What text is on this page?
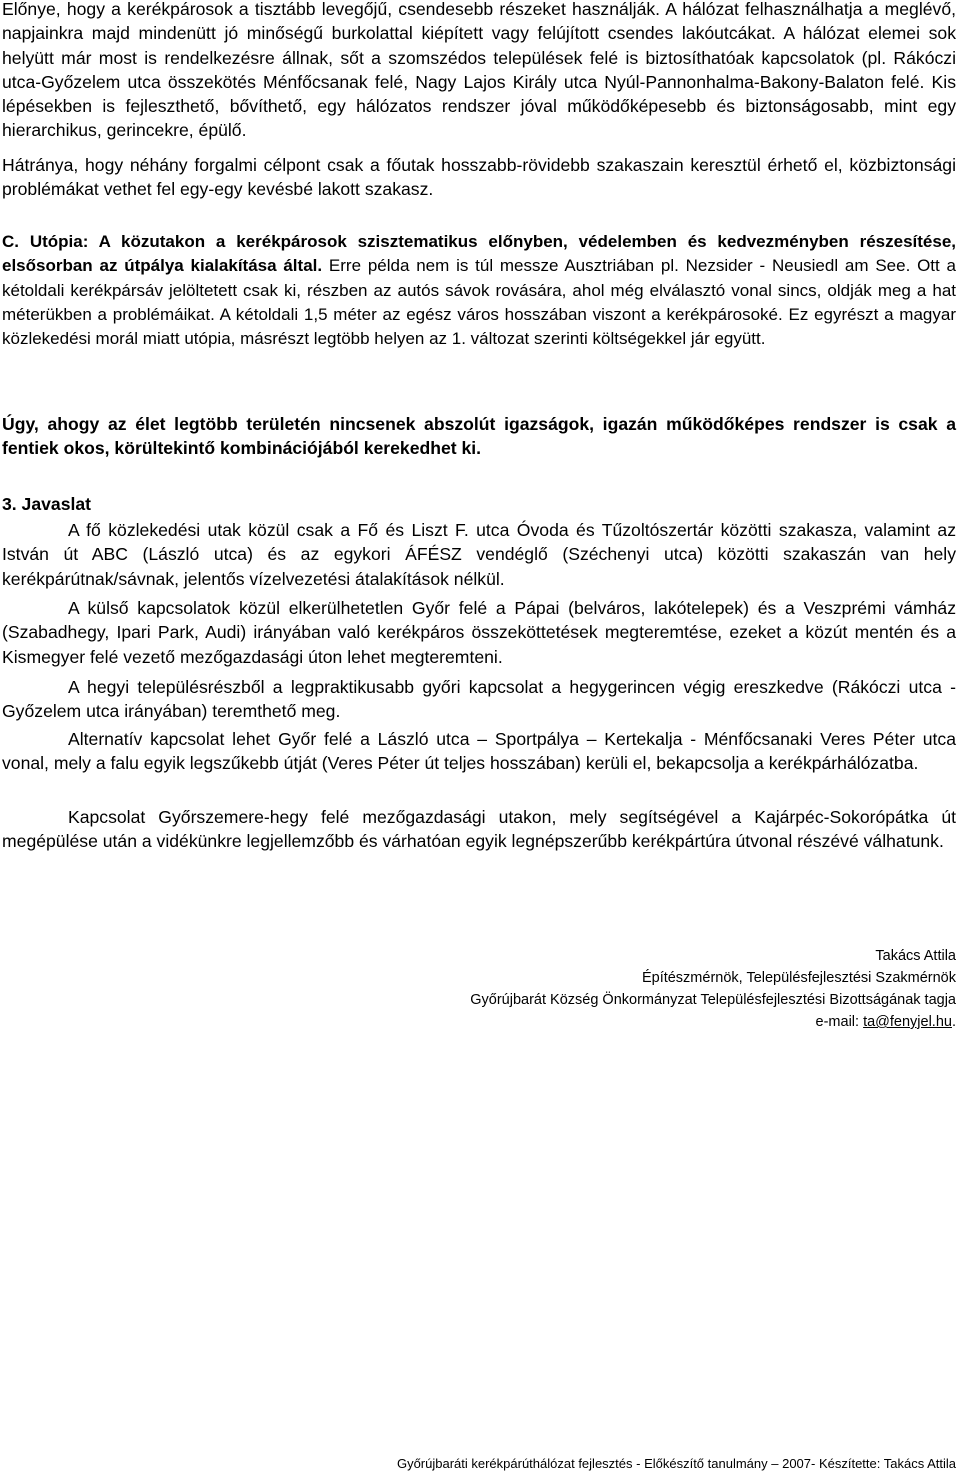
Előnye, hogy a kerékpárosok a tisztább levegőjű, csendesebb részeket használják. A hálózat felhasználhatja a meglévő, napjainkra majd mindenütt jó minőségű burkolattal kiépített vagy felújított csendes lakóutcákat. A hálózat elemei sok helyütt már most is rendelkezésre állnak, sőt a szomszédos települések felé is biztosíthatóak kapcsolatok (pl. Rákóczi utca-Győzelem utca összekötés Ménfőcsanak felé, Nagy Lajos Király utca Nyúl-Pannonhalma-Bakony-Balaton felé. Kis lépésekben is fejleszthető, bővíthető, egy hálózatos rendszer jóval működőképesebb és biztonságosabb, mint egy hierarchikus, gerincekre, épülő.

Hátránya, hogy néhány forgalmi célpont csak a főutak hosszabb-rövidebb szakaszain keresztül érhető el, közbiztonsági problémákat vethet fel egy-egy kevésbé lakott szakasz.

C. Utópia: A közutakon a kerékpárosok szisztematikus előnyben, védelemben és kedvezményben részesítése, elsősorban az útpálya kialakítása által. Erre példa nem is túl messze Ausztriában pl. Nezsider - Neusiedl am See. Ott a kétoldali kerékpársáv jelöltetett csak ki, részben az autós sávok rovására, ahol még elválasztó vonal sincs, oldják meg a hat méterükben a problémáikat. A kétoldali 1,5 méter az egész város hosszában viszont a kerékpárosoké. Ez egyrészt a magyar közlekedési morál miatt utópia, másrészt legtöbb helyen az 1. változat szerinti költségekkel jár együtt.

Úgy, ahogy az élet legtöbb területén nincsenek abszolút igazságok, igazán működőképes rendszer is csak a fentiek okos, körültekintő kombinációjából kerekedhet ki.

3. Javaslat

A fő közlekedési utak közül csak a Fő és Liszt F. utca Óvoda és Tűzoltószertár közötti szakasza, valamint az István út ABC (László utca) és az egykori ÁFÉSZ vendéglő (Széchenyi utca) közötti szakaszán van hely kerékpárútnak/sávnak, jelentős vízelvezetési átalakítások nélkül.

A külső kapcsolatok közül elkerülhetetlen Győr felé a Pápai (belváros, lakótelepek) és a Veszprémi vámház (Szabadhegy, Ipari Park, Audi) irányában való kerékpáros összeköttetések megteremtése, ezeket a közút mentén és a Kismegyer felé vezető mezőgazdasági úton lehet megteremteni.

A hegyi településrészből a legpraktikusabb győri kapcsolat a hegygerincen végig ereszkedve (Rákóczi utca - Győzelem utca irányában) teremthető meg.

Alternatív kapcsolat lehet Győr felé a László utca – Sportpálya – Kertekalja - Ménfőcsanaki Veres Péter utca vonal, mely a falu egyik legszűkebb útját (Veres Péter út teljes hosszában) kerüli el, bekapcsolja a kerékpárhálózatba.

Kapcsolat Győrszemere-hegy felé mezőgazdasági utakon, mely segítségével a Kajárpéc-Sokorópátka út megépülése után a vidékünkre legjellemzőbb és várhatóan egyik legnépszerűbb kerékpártúra útvonal részévé válhatunk.

Takács Attila

Építészmérnök, Településfejlesztési Szakmérnök

Győrújbarát Község Önkormányzat Településfejlesztési Bizottságának tagja

e-mail: ta@fenyjel.hu.

Győrújbaráti kerékpárúthálózat fejlesztés - Előkészítő tanulmány – 2007- Készítette: Takács Attila
